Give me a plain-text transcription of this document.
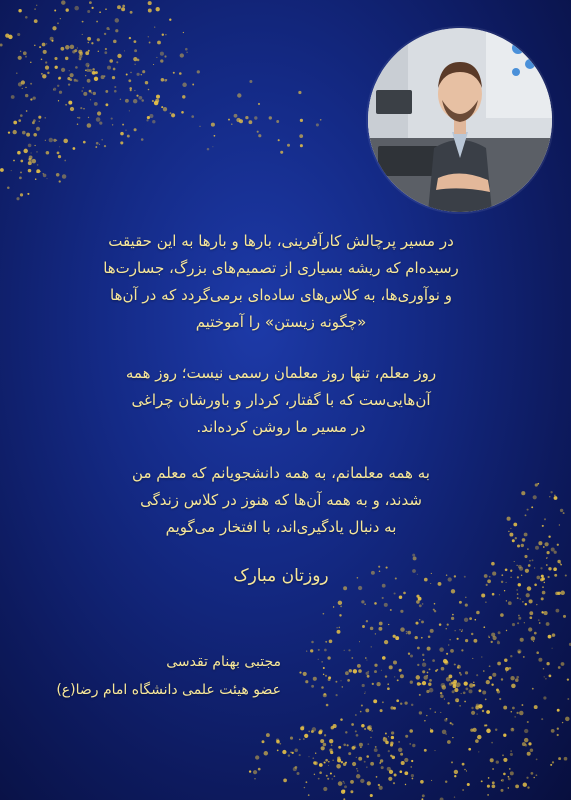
در مسیر پرچالش کارآفرینی، بارها و بارها به این حقیقت
رسیده‌ام که ریشه بسیاری از تصمیم‌های بزرگ، جسارت‌ها
و نوآوری‌ها، به کلاس‌های ساده‌ای برمی‌گردد که در آن‌ها
«چگونه زیستن» را آموختیم
روز معلم، تنها روز معلمان رسمی نیست؛ روز همه
آن‌هایی‌ست که با گفتار، کردار و باورشان چراغی
در مسیر ما روشن کرده‌اند.
به همه معلمانم، به همه دانشجویانم که معلم من
شدند، و به همه آن‌ها که هنوز در کلاس زندگی
به دنبال یادگیری‌اند، با افتخار می‌گویم
روزتان مبارک
مجتبی بهنام تقدسی
عضو هیئت علمی دانشگاه امام رضا(ع)
